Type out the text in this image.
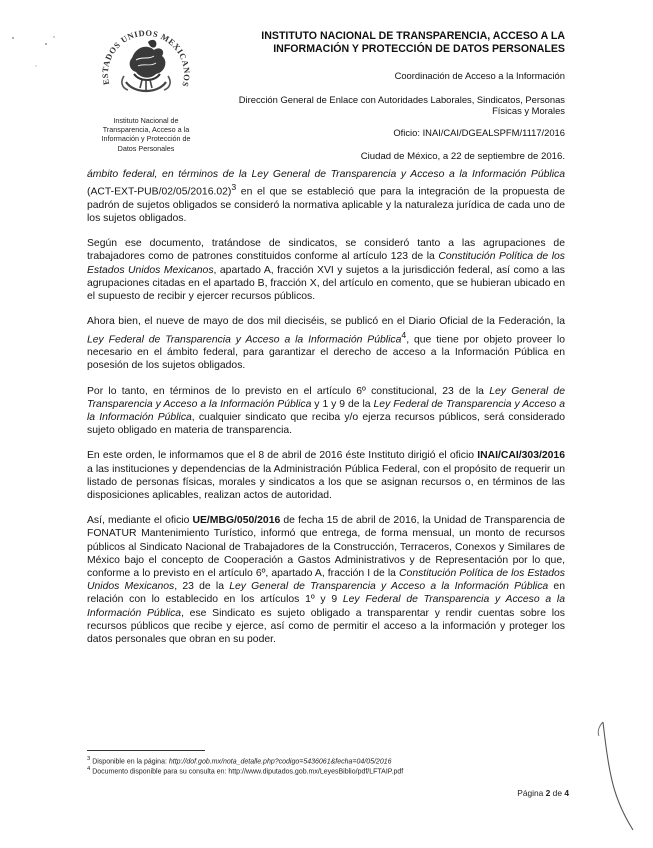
ESTADOS UNIDOS MEXICANOS
Instituto Nacional de Transparencia, Acceso a la Información y Protección de Datos Personales
INSTITUTO NACIONAL DE TRANSPARENCIA, ACCESO A LA INFORMACIÓN Y PROTECCIÓN DE DATOS PERSONALES
Coordinación de Acceso a la Información
Dirección General de Enlace con Autoridades Laborales, Sindicatos, Personas Físicas y Morales
Oficio: INAI/CAI/DGEALSPFM/1117/2016
Ciudad de México, a 22 de septiembre de 2016.

ámbito federal, en términos de la Ley General de Transparencia y Acceso a la Información Pública $(ACT-EXT-PUB/02/05/2016.02)^3$ en el que se estableció que para la integración de la propuesta de padrón de sujetos obligados se consideró la normativa aplicable y la naturaleza jurídica de cada uno de los sujetos obligados.

Según ese documento, tratándose de sindicatos, se consideró tanto a las agrupaciones de trabajadores como de patrones constituidos conforme al artículo 123 de la Constitución Política de los Estados Unidos Mexicanos, apartado A, fracción XVI y sujetos a la jurisdicción federal, así como a las agrupaciones citadas en el apartado B, fracción X, del artículo en comento, que se hubieran ubicado en el supuesto de recibir y ejercer recursos públicos.

Ahora bien, el nueve de mayo de dos mil dieciséis, se publicó en el Diario Oficial de la Federación, la Ley Federal de Transparencia y Acceso a la Información Pública$^4$, que tiene por objeto proveer lo necesario en el ámbito federal, para garantizar el derecho de acceso a la Información Pública en posesión de los sujetos obligados.

Por lo tanto, en términos de lo previsto en el artículo 6º constitucional, 23 de la Ley General de Transparencia y Acceso a la Información Pública y 1 y 9 de la Ley Federal de Transparencia y Acceso a la Información Pública, cualquier sindicato que reciba y/o ejerza recursos públicos, será considerado sujeto obligado en materia de transparencia.

En este orden, le informamos que el 8 de abril de 2016 éste Instituto dirigió el oficio INAI/CAI/303/2016 a las instituciones y dependencias de la Administración Pública Federal, con el propósito de requerir un listado de personas físicas, morales y sindicatos a los que se asignan recursos o, en términos de las disposiciones aplicables, realizan actos de autoridad.

Así, mediante el oficio UE/MBG/050/2016 de fecha 15 de abril de 2016, la Unidad de Transparencia de FONATUR Mantenimiento Turístico, informó que entrega, de forma mensual, un monto de recursos públicos al Sindicato Nacional de Trabajadores de la Construcción, Terraceros, Conexos y Similares de México bajo el concepto de Cooperación a Gastos Administrativos y de Representación por lo que, conforme a lo previsto en el artículo 6º, apartado A, fracción I de la Constitución Política de los Estados Unidos Mexicanos, 23 de la Ley General de Transparencia y Acceso a la Información Pública en relación con lo establecido en los artículos 1º y 9 Ley Federal de Transparencia y Acceso a la Información Pública, ese Sindicato es sujeto obligado a transparentar y rendir cuentas sobre los recursos públicos que recibe y ejerce, así como de permitir el acceso a la información y proteger los datos personales que obran en su poder.

$^3$ Disponible en la página: http://dof.gob.mx/nota_detalle.php?codigo=5436061&fecha=04/05/2016
$^4$ Documento disponible para su consulta en: http://www.diputados.gob.mx/LeyesBiblio/pdf/LFTAIP.pdf
Página 2 de 4
